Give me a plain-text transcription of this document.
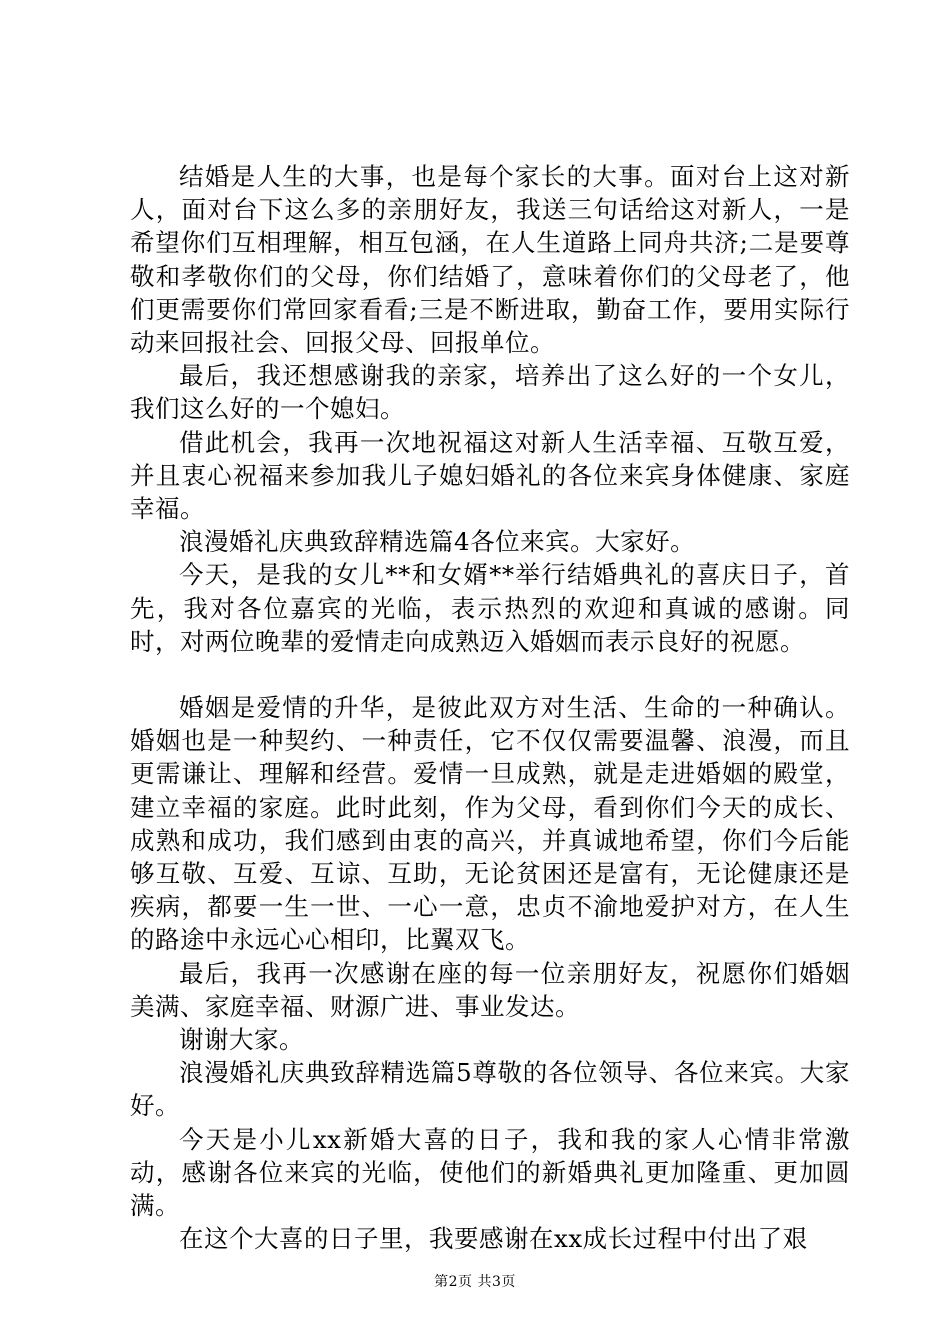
结婚是人生的大事，也是每个家长的大事。面对台上这对新人，面对台下这么多的亲朋好友，我送三句话给这对新人，一是希望你们互相理解，相互包涵，在人生道路上同舟共济;二是要尊敬和孝敬你们的父母，你们结婚了，意味着你们的父母老了，他们更需要你们常回家看看;三是不断进取，勤奋工作，要用实际行动来回报社会、回报父母、回报单位。

最后，我还想感谢我的亲家，培养出了这么好的一个女儿，我们这么好的一个媳妇。

借此机会，我再一次地祝福这对新人生活幸福、互敬互爱，并且衷心祝福来参加我儿子媳妇婚礼的各位来宾身体健康、家庭幸福。

浪漫婚礼庆典致辞精选篇4各位来宾。大家好。

今天，是我的女儿**和女婿**举行结婚典礼的喜庆日子，首先，我对各位嘉宾的光临，表示热烈的欢迎和真诚的感谢。同时，对两位晚辈的爱情走向成熟迈入婚姻而表示良好的祝愿。

婚姻是爱情的升华，是彼此双方对生活、生命的一种确认。婚姻也是一种契约、一种责任，它不仅仅需要温馨、浪漫，而且更需谦让、理解和经营。爱情一旦成熟，就是走进婚姻的殿堂，建立幸福的家庭。此时此刻，作为父母，看到你们今天的成长、成熟和成功，我们感到由衷的高兴，并真诚地希望，你们今后能够互敬、互爱、互谅、互助，无论贫困还是富有，无论健康还是疾病，都要一生一世、一心一意，忠贞不渝地爱护对方，在人生的路途中永远心心相印，比翼双飞。

最后，我再一次感谢在座的每一位亲朋好友，祝愿你们婚姻美满、家庭幸福、财源广进、事业发达。

谢谢大家。

浪漫婚礼庆典致辞精选篇5尊敬的各位领导、各位来宾。大家好。

今天是小儿xx新婚大喜的日子，我和我的家人心情非常激动，感谢各位来宾的光临，使他们的新婚典礼更加隆重、更加圆满。

在这个大喜的日子里，我要感谢在xx成长过程中付出了艰

第2页 共3页
